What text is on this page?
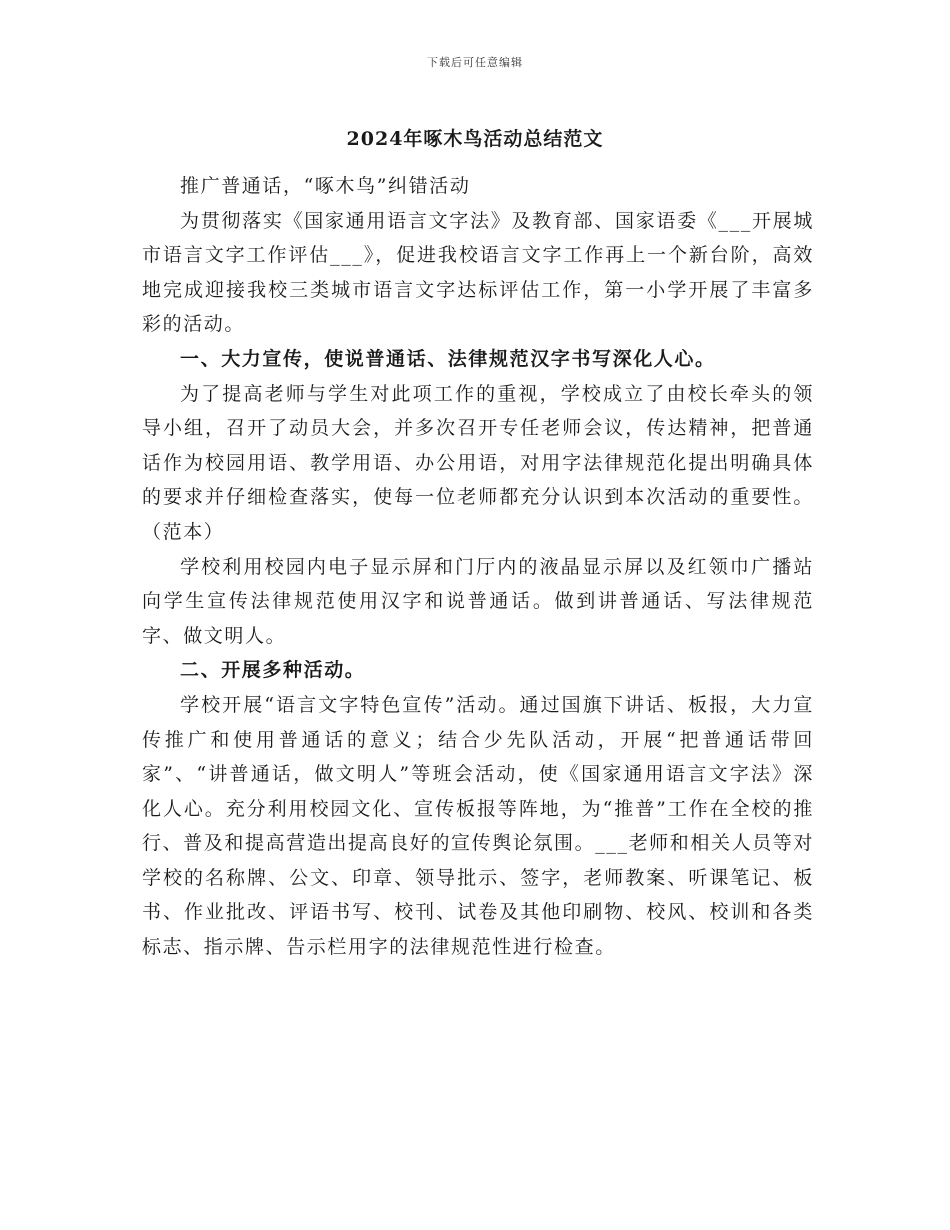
下载后可任意编辑
2024年啄木鸟活动总结范文

推广普通话，“啄木鸟”纠错活动

为贯彻落实《国家通用语言文字法》及教育部、国家语委《___开展城市语言文字工作评估___》，促进我校语言文字工作再上一个新台阶，高效地完成迎接我校三类城市语言文字达标评估工作，第一小学开展了丰富多彩的活动。

一、大力宣传，使说普通话、法律规范汉字书写深化人心。

为了提高老师与学生对此项工作的重视，学校成立了由校长牵头的领导小组，召开了动员大会，并多次召开专任老师会议，传达精神，把普通话作为校园用语、教学用语、办公用语，对用字法律规范化提出明确具体的要求并仔细检查落实，使每一位老师都充分认识到本次活动的重要性。（范本）

学校利用校园内电子显示屏和门厅内的液晶显示屏以及红领巾广播站向学生宣传法律规范使用汉字和说普通话。做到讲普通话、写法律规范字、做文明人。

二、开展多种活动。

学校开展“语言文字特色宣传”活动。通过国旗下讲话、板报，大力宣传推广和使用普通话的意义；结合少先队活动，开展“把普通话带回家”、“讲普通话，做文明人”等班会活动，使《国家通用语言文字法》深化人心。充分利用校园文化、宣传板报等阵地，为“推普”工作在全校的推行、普及和提高营造出提高良好的宣传舆论氛围。___老师和相关人员等对学校的名称牌、公文、印章、领导批示、签字，老师教案、听课笔记、板书、作业批改、评语书写、校刊、试卷及其他印刷物、校风、校训和各类标志、指示牌、告示栏用字的法律规范性进行检查。
